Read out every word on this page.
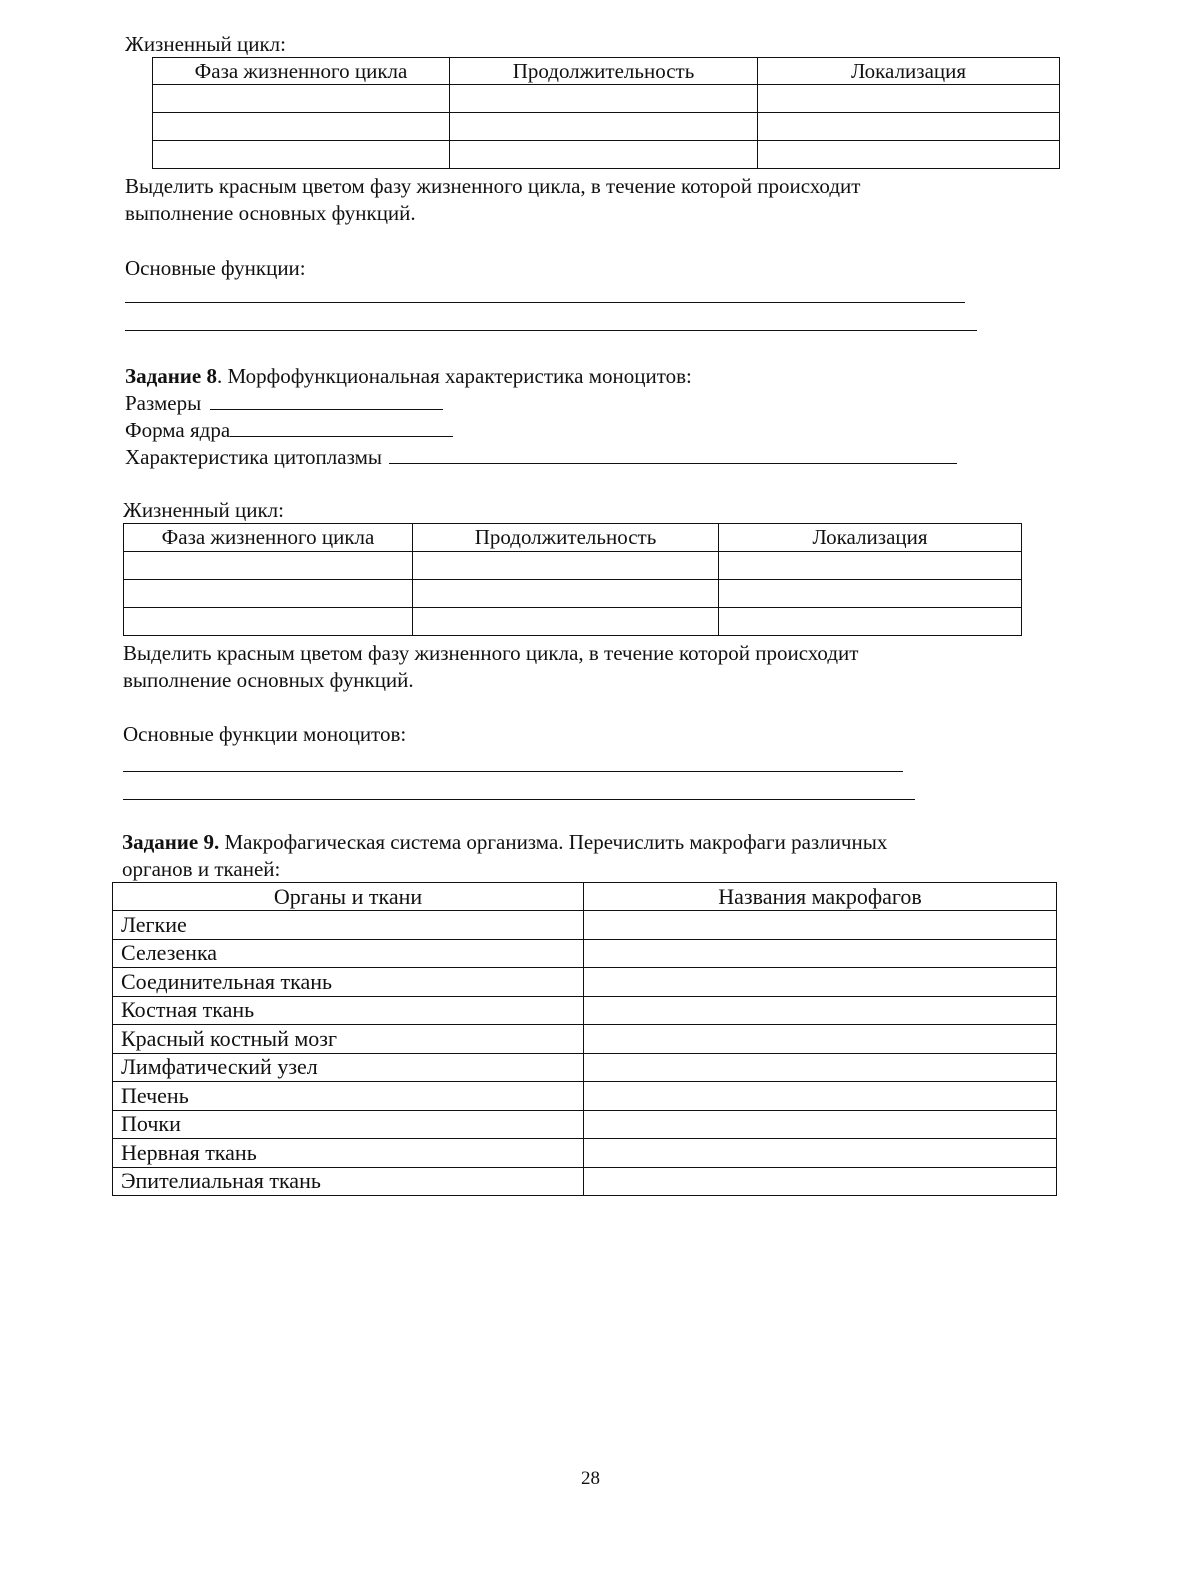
Жизненный цикл:
Фаза жизненного цикла	Продолжительность	Локализация

Выделить красным цветом фазу жизненного цикла, в течение которой происходит
выполнение основных функций.
Основные функции:
Задание 8. Морфофункциональная характеристика моноцитов:
Размеры
Форма ядра
Характеристика цитоплазмы
Жизненный цикл:
Фаза жизненного цикла	Продолжительность	Локализация

Выделить красным цветом фазу жизненного цикла, в течение которой происходит
выполнение основных функций.
Основные функции моноцитов:
Задание 9. Макрофагическая система организма. Перечислить макрофаги различных
органов и тканей:
Органы и ткани	Названия макрофагов
Легкие	
Селезенка	
Соединительная ткань	
Костная ткань	
Красный костный мозг	
Лимфатический узел	
Печень	
Почки	
Нервная ткань	
Эпителиальная ткань	
28
